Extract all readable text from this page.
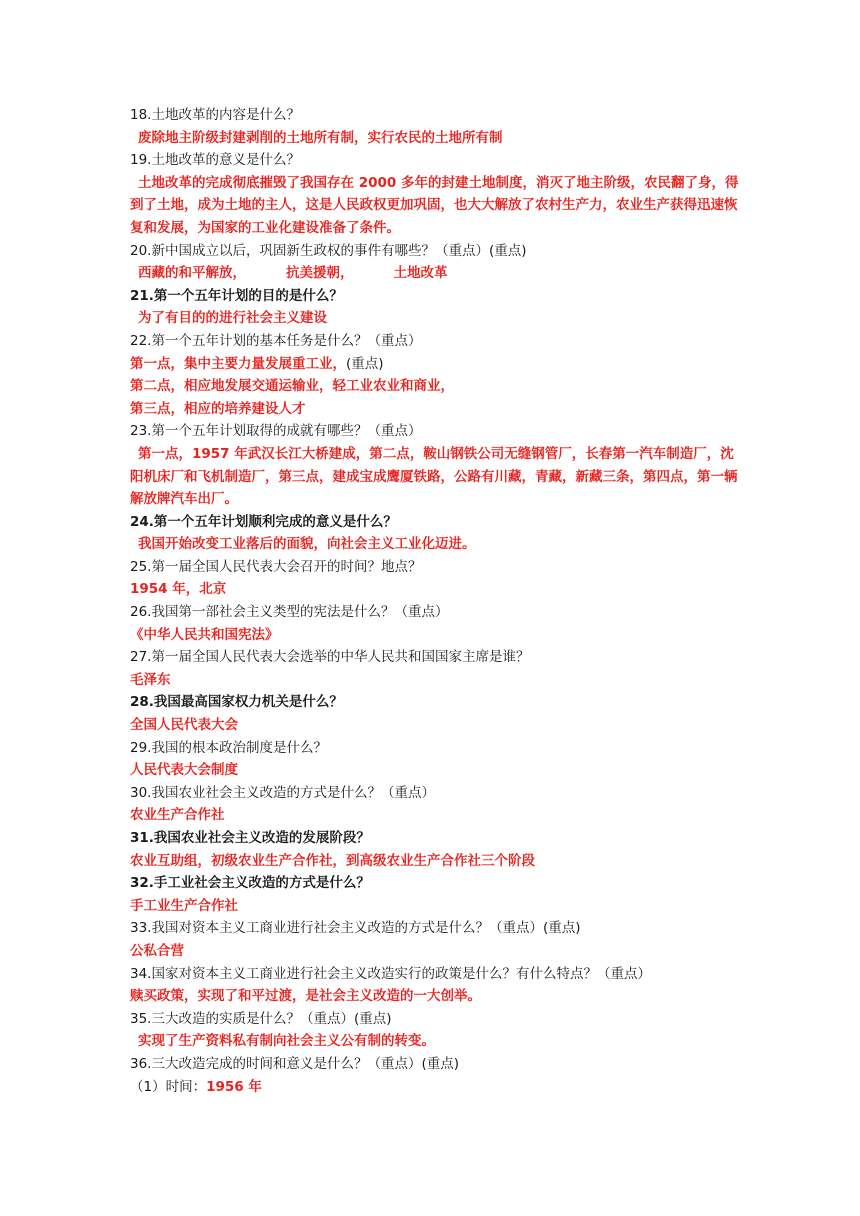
18.土地改革的内容是什么？
废除地主阶级封建剥削的土地所有制，实行农民的土地所有制
19.土地改革的意义是什么？
土地改革的完成彻底摧毁了我国存在 2000 多年的封建土地制度，消灭了地主阶级，农民翻了身，得到了土地，成为土地的主人，这是人民政权更加巩固，也大大解放了农村生产力，农业生产获得迅速恢复和发展，为国家的工业化建设准备了条件。
20.新中国成立以后，巩固新生政权的事件有哪些？（重点）(重点)
西藏的和平解放，	抗美援朝，	土地改革
21.第一个五年计划的目的是什么？
为了有目的的进行社会主义建设
22.第一个五年计划的基本任务是什么？（重点）
第一点，集中主要力量发展重工业，(重点)
第二点，相应地发展交通运输业，轻工业农业和商业，
第三点，相应的培养建设人才
23.第一个五年计划取得的成就有哪些？（重点）
第一点，1957 年武汉长江大桥建成，第二点，鞍山钢铁公司无缝钢管厂，长春第一汽车制造厂，沈阳机床厂和飞机制造厂，第三点，建成宝成鹰厦铁路，公路有川藏，青藏，新藏三条，第四点，第一辆解放牌汽车出厂。
24.第一个五年计划顺利完成的意义是什么？
我国开始改变工业落后的面貌，向社会主义工业化迈进。
25.第一届全国人民代表大会召开的时间？地点？
1954 年，北京
26.我国第一部社会主义类型的宪法是什么？（重点）
《中华人民共和国宪法》
27.第一届全国人民代表大会选举的中华人民共和国国家主席是谁？
毛泽东
28.我国最高国家权力机关是什么？
全国人民代表大会
29.我国的根本政治制度是什么？
人民代表大会制度
30.我国农业社会主义改造的方式是什么？（重点）
农业生产合作社
31.我国农业社会主义改造的发展阶段？
农业互助组，初级农业生产合作社，到高级农业生产合作社三个阶段
32.手工业社会主义改造的方式是什么？
手工业生产合作社
33.我国对资本主义工商业进行社会主义改造的方式是什么？（重点）(重点)
公私合营
34.国家对资本主义工商业进行社会主义改造实行的政策是什么？有什么特点？（重点）
赎买政策，实现了和平过渡，是社会主义改造的一大创举。
35.三大改造的实质是什么？（重点）(重点)
实现了生产资料私有制向社会主义公有制的转变。
36.三大改造完成的时间和意义是什么？（重点）(重点)
（1）时间：1956 年
